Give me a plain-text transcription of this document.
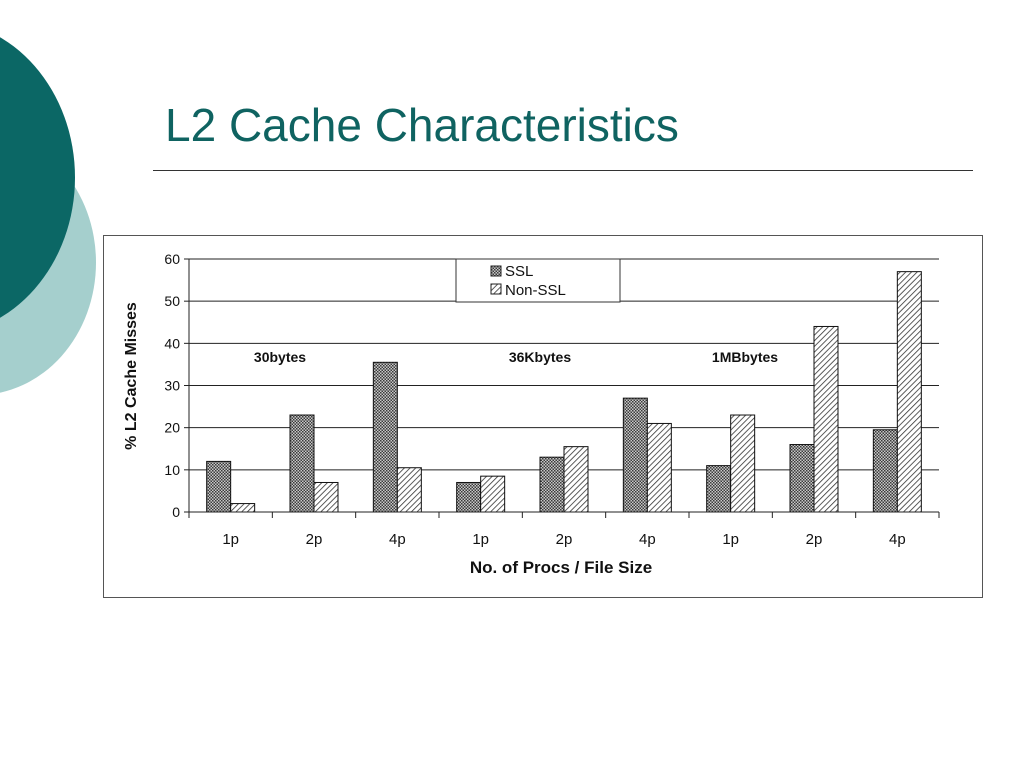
L2 Cache Characteristics
0
10
20
30
40
50
60
1p	2p	4p	1p	2p	4p	1p	2p	4p
% L2 Cache Misses
No. of Procs / File Size
SSL
Non-SSL
30bytes	36Kbytes	1MBbytes
